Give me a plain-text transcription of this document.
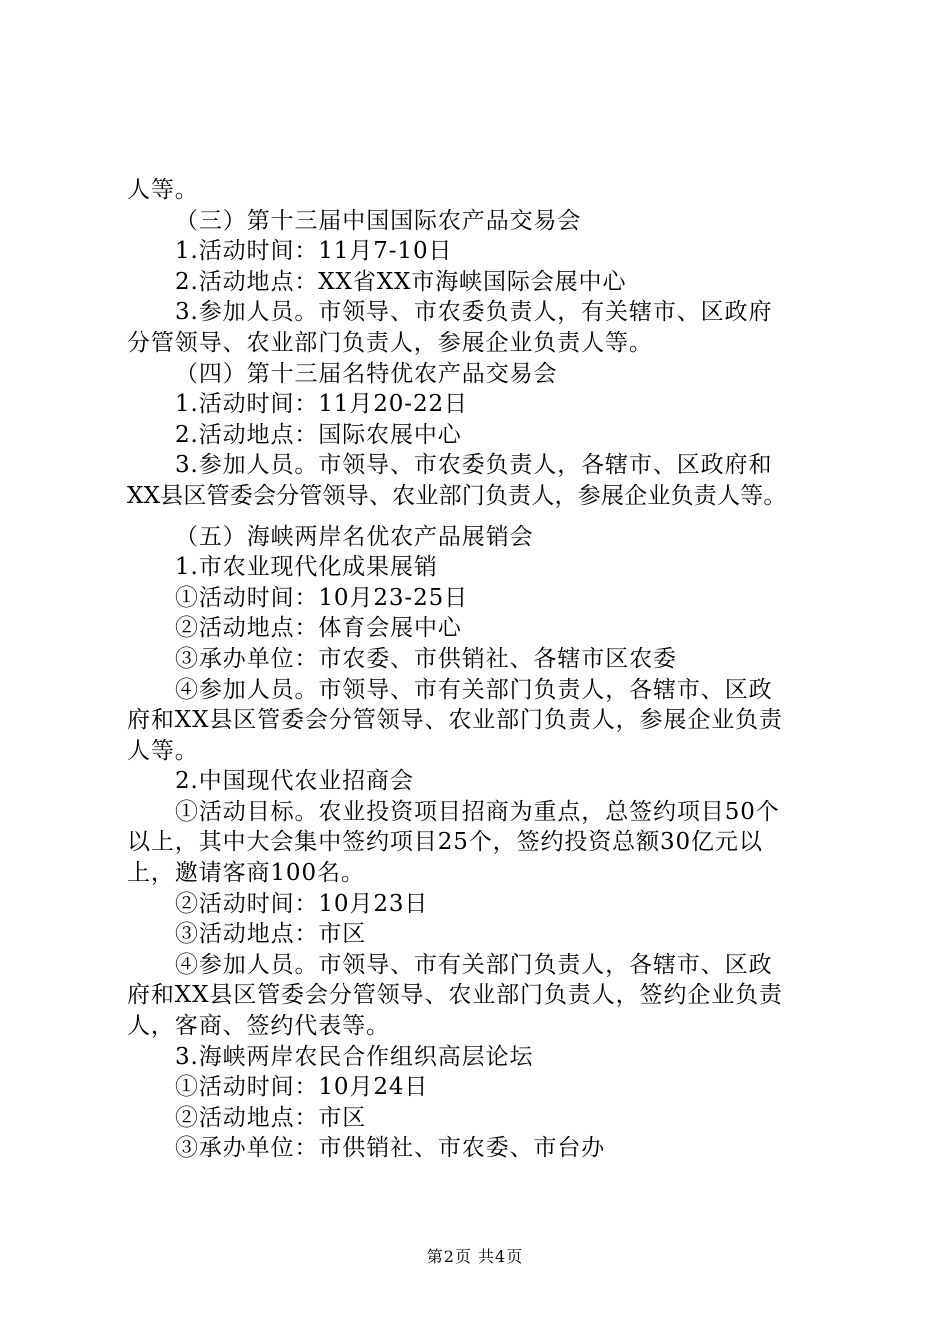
人等。
（三）第十三届中国国际农产品交易会
1.活动时间：11月7-10日
2.活动地点：XX省XX市海峡国际会展中心
3.参加人员。市领导、市农委负责人，有关辖市、区政府
分管领导、农业部门负责人，参展企业负责人等。
（四）第十三届名特优农产品交易会
1.活动时间：11月20-22日
2.活动地点：国际农展中心
3.参加人员。市领导、市农委负责人，各辖市、区政府和
XX县区管委会分管领导、农业部门负责人，参展企业负责人等。
（五）海峡两岸名优农产品展销会
1.市农业现代化成果展销
①活动时间：10月23-25日
②活动地点：体育会展中心
③承办单位：市农委、市供销社、各辖市区农委
④参加人员。市领导、市有关部门负责人，各辖市、区政
府和XX县区管委会分管领导、农业部门负责人，参展企业负责
人等。
2.中国现代农业招商会
①活动目标。农业投资项目招商为重点，总签约项目50个
以上，其中大会集中签约项目25个，签约投资总额30亿元以
上，邀请客商100名。
②活动时间：10月23日
③活动地点：市区
④参加人员。市领导、市有关部门负责人，各辖市、区政
府和XX县区管委会分管领导、农业部门负责人，签约企业负责
人，客商、签约代表等。
3.海峡两岸农民合作组织高层论坛
①活动时间：10月24日
②活动地点：市区
③承办单位：市供销社、市农委、市台办
第2页 共4页
